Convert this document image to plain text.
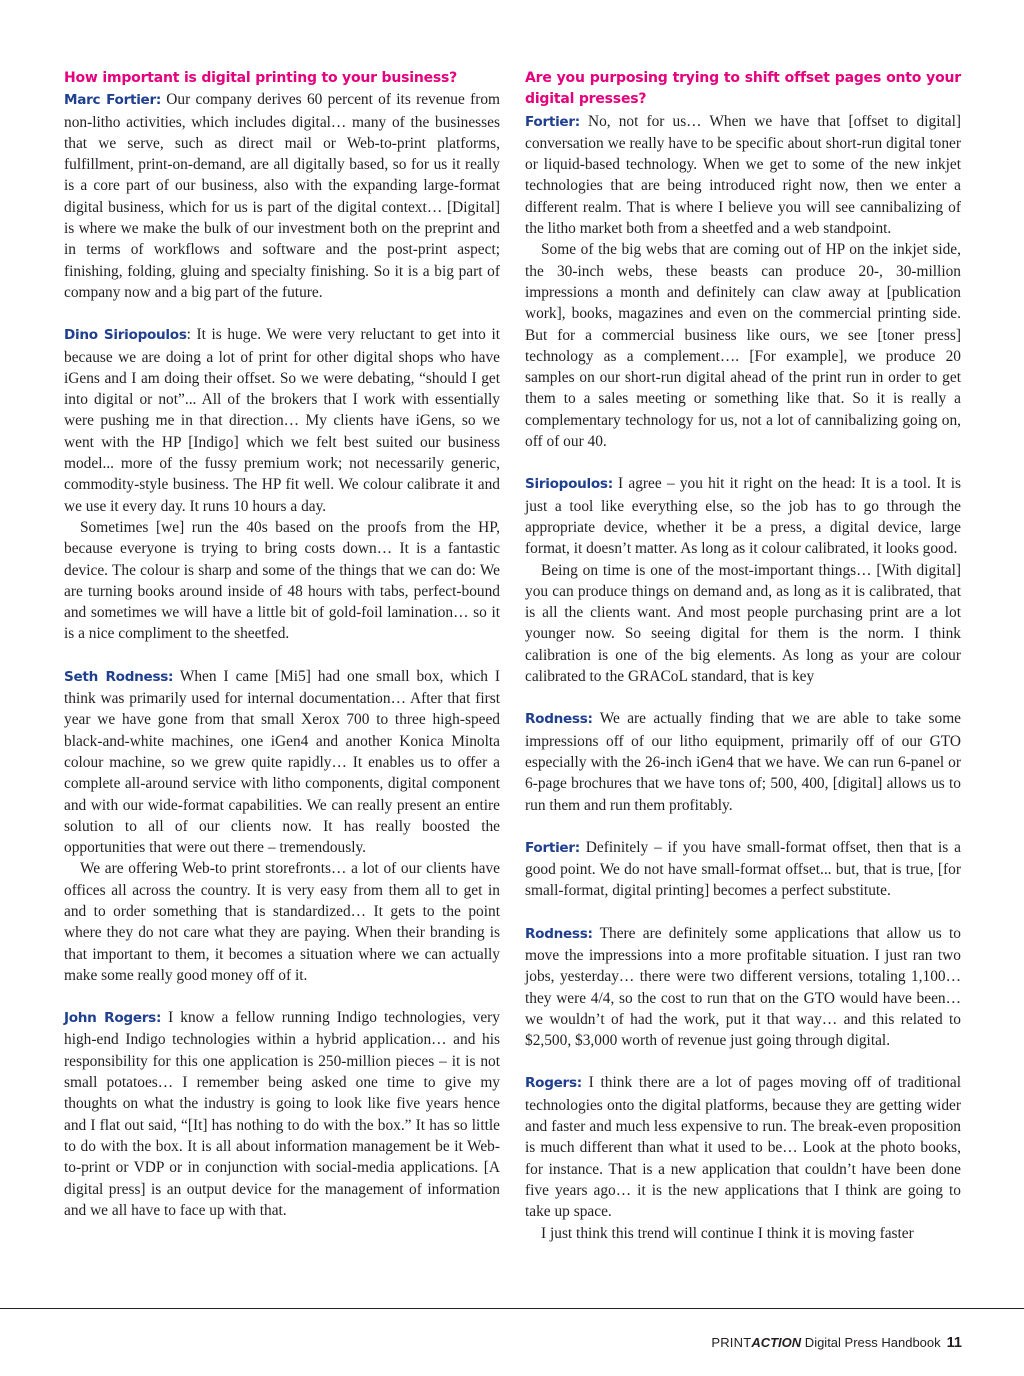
How important is digital printing to your business?

Marc Fortier: Our company derives 60 percent of its revenue from non-litho activities, which includes digital… many of the businesses that we serve, such as direct mail or Web-to-print platforms, fulfillment, print-on-demand, are all digitally based, so for us it really is a core part of our business, also with the expanding large-format digital business, which for us is part of the digital context… [Digital] is where we make the bulk of our investment both on the preprint and in terms of workflows and software and the post-print aspect; finishing, folding, gluing and specialty finishing. So it is a big part of company now and a big part of the future.

Dino Siriopoulos: It is huge. We were very reluctant to get into it because we are doing a lot of print for other digital shops who have iGens and I am doing their offset. So we were debating, “should I get into digital or not”... All of the brokers that I work with essentially were pushing me in that direction… My clients have iGens, so we went with the HP [Indigo] which we felt best suited our business model... more of the fussy premium work; not necessarily generic, commodity-style business. The HP fit well. We colour calibrate it and we use it every day. It runs 10 hours a day.

Sometimes [we] run the 40s based on the proofs from the HP, because everyone is trying to bring costs down… It is a fantastic device. The colour is sharp and some of the things that we can do: We are turning books around inside of 48 hours with tabs, perfect-bound and sometimes we will have a little bit of gold-foil lamination… so it is a nice compliment to the sheetfed.

Seth Rodness: When I came [Mi5] had one small box, which I think was primarily used for internal documentation… After that first year we have gone from that small Xerox 700 to three high-speed black-and-white machines, one iGen4 and another Konica Minolta colour machine, so we grew quite rapidly… It enables us to offer a complete all-around service with litho components, digital component and with our wide-format capabilities. We can really present an entire solution to all of our clients now. It has really boosted the opportunities that were out there – tremendously.

We are offering Web-to print storefronts… a lot of our clients have offices all across the country. It is very easy from them all to get in and to order something that is standardized… It gets to the point where they do not care what they are paying. When their branding is that important to them, it becomes a situation where we can actually make some really good money off of it.

John Rogers: I know a fellow running Indigo technologies, very high-end Indigo technologies within a hybrid application… and his responsibility for this one application is 250-million pieces – it is not small potatoes… I remember being asked one time to give my thoughts on what the industry is going to look like five years hence and I flat out said, “[It] has nothing to do with the box.” It has so little to do with the box. It is all about information management be it Web-to-print or VDP or in conjunction with social-media applications. [A digital press] is an output device for the management of information and we all have to face up with that.

Are you purposing trying to shift offset pages onto your digital presses?

Fortier: No, not for us… When we have that [offset to digital] conversation we really have to be specific about short-run digital toner or liquid-based technology. When we get to some of the new inkjet technologies that are being introduced right now, then we enter a different realm. That is where I believe you will see cannibalizing of the litho market both from a sheetfed and a web standpoint.

Some of the big webs that are coming out of HP on the inkjet side, the 30-inch webs, these beasts can produce 20-, 30-million impressions a month and definitely can claw away at [publication work], books, magazines and even on the commercial printing side. But for a commercial business like ours, we see [toner press] technology as a complement…. [For example], we produce 20 samples on our short-run digital ahead of the print run in order to get them to a sales meeting or something like that. So it is really a complementary technology for us, not a lot of cannibalizing going on, off of our 40.

Siriopoulos: I agree – you hit it right on the head: It is a tool. It is just a tool like everything else, so the job has to go through the appropriate device, whether it be a press, a digital device, large format, it doesn’t matter. As long as it colour calibrated, it looks good.

Being on time is one of the most-important things… [With digital] you can produce things on demand and, as long as it is calibrated, that is all the clients want. And most people purchasing print are a lot younger now. So seeing digital for them is the norm. I think calibration is one of the big elements. As long as your are colour calibrated to the GRACoL standard, that is key

Rodness: We are actually finding that we are able to take some impressions off of our litho equipment, primarily off of our GTO especially with the 26-inch iGen4 that we have. We can run 6-panel or 6-page brochures that we have tons of; 500, 400, [digital] allows us to run them and run them profitably.

Fortier: Definitely – if you have small-format offset, then that is a good point. We do not have small-format offset... but, that is true, [for small-format, digital printing] becomes a perfect substitute.

Rodness: There are definitely some applications that allow us to move the impressions into a more profitable situation. I just ran two jobs, yesterday… there were two different versions, totaling 1,100… they were 4/4, so the cost to run that on the GTO would have been… we wouldn’t of had the work, put it that way… and this related to $2,500, $3,000 worth of revenue just going through digital.

Rogers: I think there are a lot of pages moving off of traditional technologies onto the digital platforms, because they are getting wider and faster and much less expensive to run. The break-even proposition is much different than what it used to be… Look at the photo books, for instance. That is a new application that couldn’t have been done five years ago… it is the new applications that I think are going to take up space.

I just think this trend will continue I think it is moving faster

PRINTACTION Digital Press Handbook 11
